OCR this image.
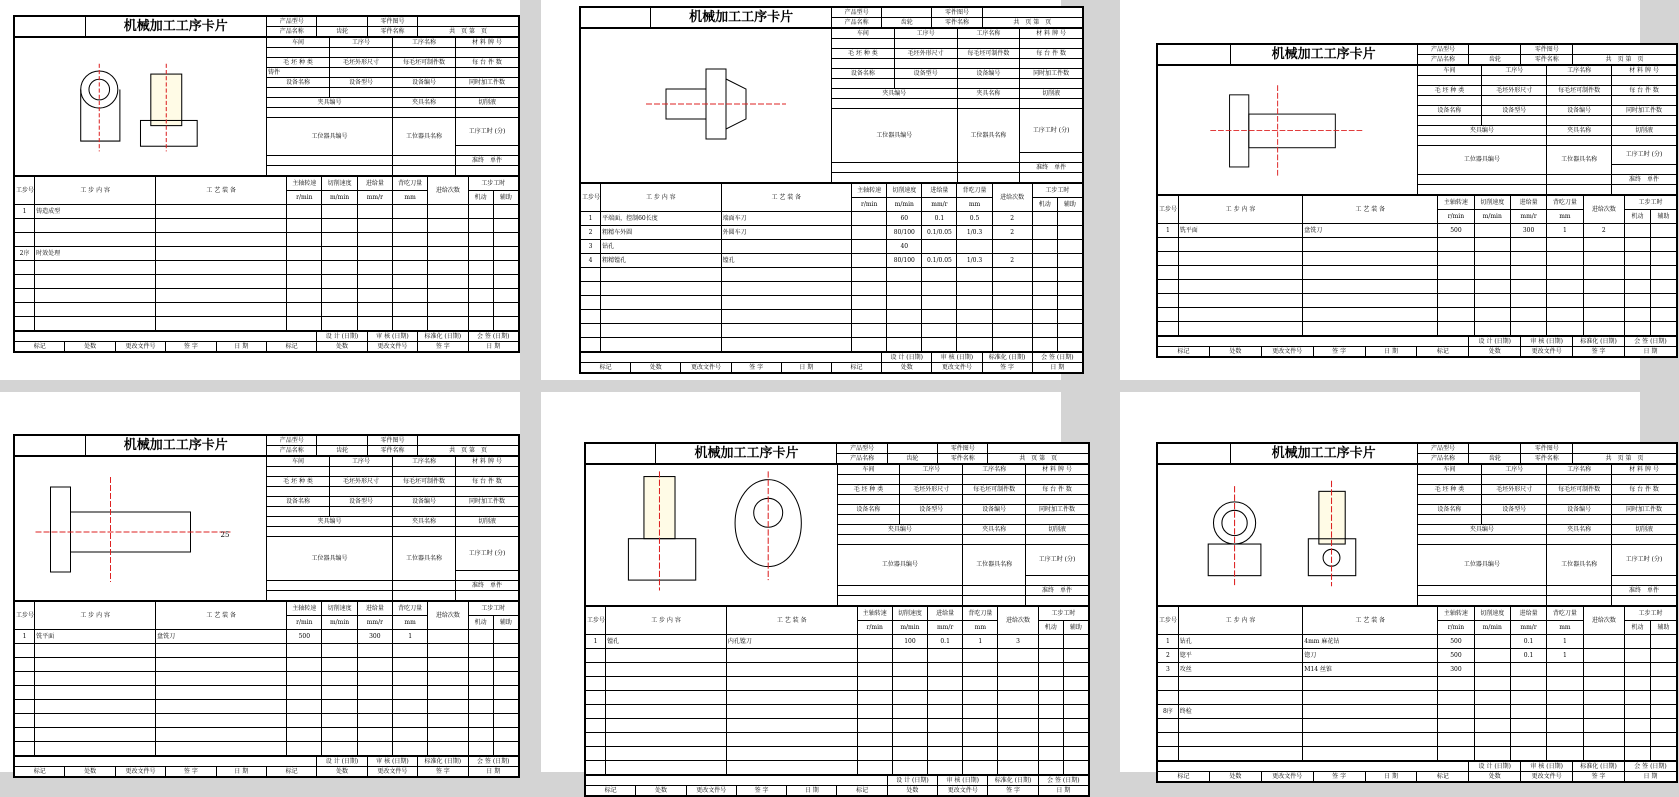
	机械加工工序卡片	产品型号		零件图号	
		产品名称	齿轮	零件名称	共　页 第　页
	车间	工序号	工序名称	材 料 牌 号

	毛 坯 种 类	毛坯外形尺寸	每毛坯可制件数	每 台 件 数
	铸件			
	设备名称	设备型号	设备编号	同时加工件数

	夹具编号		夹具名称	切削液

	工位器具编号		工位器具名称	工序工时 (分)

				准终　单件

工步号	工 步 内 容	工 艺 装 备	主轴转速	切削速度	进给量	背吃刀量	进给次数	工步工时	
			r/min	m/min	mm/r	mm		机动	辅助
1	铸造成型								

2序	时效处理								

						设 计 (日期)	审 核 (日期)	标准化 (日期)	会 签 (日期)
标记	处数	更改文件号	签 字	日 期	标记	处数	更改文件号	签 字	日 期
	机械加工工序卡片	产品型号		零件图号	
		产品名称	齿轮	零件名称	共　页 第　页
	车间	工序号	工序名称	材 料 牌 号

	毛 坯 种 类	毛坯外形尺寸	每毛坯可制件数	每 台 件 数

	设备名称	设备型号	设备编号	同时加工件数

	夹具编号		夹具名称	切削液

	工位器具编号		工位器具名称	工序工时 (分)

				准终　单件

工步号	工 步 内 容	工 艺 装 备	主轴转速	切削速度	进给量	背吃刀量	进给次数	工步工时	
			r/min	m/min	mm/r	mm		机动	辅助
1	平端面，控制60长度	端面车刀		60	0.1	0.5	2		
2	粗精车外圆	外圆车刀		80/100	0.1/0.05	1/0.3	2		
3	钻孔			40					
4	粗精镗孔	镗孔		80/100	0.1/0.05	1/0.3	2		

						设 计 (日期)	审 核 (日期)	标准化 (日期)	会 签 (日期)
标记	处数	更改文件号	签 字	日 期	标记	处数	更改文件号	签 字	日 期
	机械加工工序卡片	产品型号		零件图号	
		产品名称	齿轮	零件名称	共　页 第　页
	车间	工序号	工序名称	材 料 牌 号

	毛 坯 种 类	毛坯外形尺寸	每毛坯可制件数	每 台 件 数

	设备名称	设备型号	设备编号	同时加工件数

	夹具编号		夹具名称	切削液

	工位器具编号		工位器具名称	工序工时 (分)

				准终　单件

工步号	工 步 内 容	工 艺 装 备	主轴转速	切削速度	进给量	背吃刀量	进给次数	工步工时	
			r/min	m/min	mm/r	mm		机动	辅助
1	铣平面	盘铣刀	500		300	1	2		

						设 计 (日期)	审 核 (日期)	标准化 (日期)	会 签 (日期)
标记	处数	更改文件号	签 字	日 期	标记	处数	更改文件号	签 字	日 期
	机械加工工序卡片	产品型号		零件图号	
		产品名称	齿轮	零件名称	共　页 第　页
25	车间	工序号	工序名称	材 料 牌 号

	毛 坯 种 类	毛坯外形尺寸	每毛坯可制件数	每 台 件 数

	设备名称	设备型号	设备编号	同时加工件数

	夹具编号		夹具名称	切削液

	工位器具编号		工位器具名称	工序工时 (分)

				准终　单件

工步号	工 步 内 容	工 艺 装 备	主轴转速	切削速度	进给量	背吃刀量	进给次数	工步工时	
			r/min	m/min	mm/r	mm		机动	辅助
1	铣平面	盘铣刀	500		300	1			

						设 计 (日期)	审 核 (日期)	标准化 (日期)	会 签 (日期)
标记	处数	更改文件号	签 字	日 期	标记	处数	更改文件号	签 字	日 期
	机械加工工序卡片	产品型号		零件图号	
		产品名称	齿轮	零件名称	共　页 第　页
	车间	工序号	工序名称	材 料 牌 号

	毛 坯 种 类	毛坯外形尺寸	每毛坯可制件数	每 台 件 数

	设备名称	设备型号	设备编号	同时加工件数

	夹具编号		夹具名称	切削液

	工位器具编号		工位器具名称	工序工时 (分)

				准终　单件

工步号	工 步 内 容	工 艺 装 备	主轴转速	切削速度	进给量	背吃刀量	进给次数	工步工时	
			r/min	m/min	mm/r	mm		机动	辅助
1	镗孔	内孔镗刀		100	0.1	1	3		

						设 计 (日期)	审 核 (日期)	标准化 (日期)	会 签 (日期)
标记	处数	更改文件号	签 字	日 期	标记	处数	更改文件号	签 字	日 期
	机械加工工序卡片	产品型号		零件图号	
		产品名称	齿轮	零件名称	共　页 第　页
	车间	工序号	工序名称	材 料 牌 号

	毛 坯 种 类	毛坯外形尺寸	每毛坯可制件数	每 台 件 数

	设备名称	设备型号	设备编号	同时加工件数

	夹具编号		夹具名称	切削液

	工位器具编号		工位器具名称	工序工时 (分)

				准终　单件

工步号	工 步 内 容	工 艺 装 备	主轴转速	切削速度	进给量	背吃刀量	进给次数	工步工时	
			r/min	m/min	mm/r	mm		机动	辅助
1	钻孔	4mm 麻花钻	500		0.1	1			
2	锪平	锪刀	500		0.1	1			
3	攻丝	M14 丝锥	300						

8序	终检								

						设 计 (日期)	审 核 (日期)	标准化 (日期)	会 签 (日期)
标记	处数	更改文件号	签 字	日 期	标记	处数	更改文件号	签 字	日 期
